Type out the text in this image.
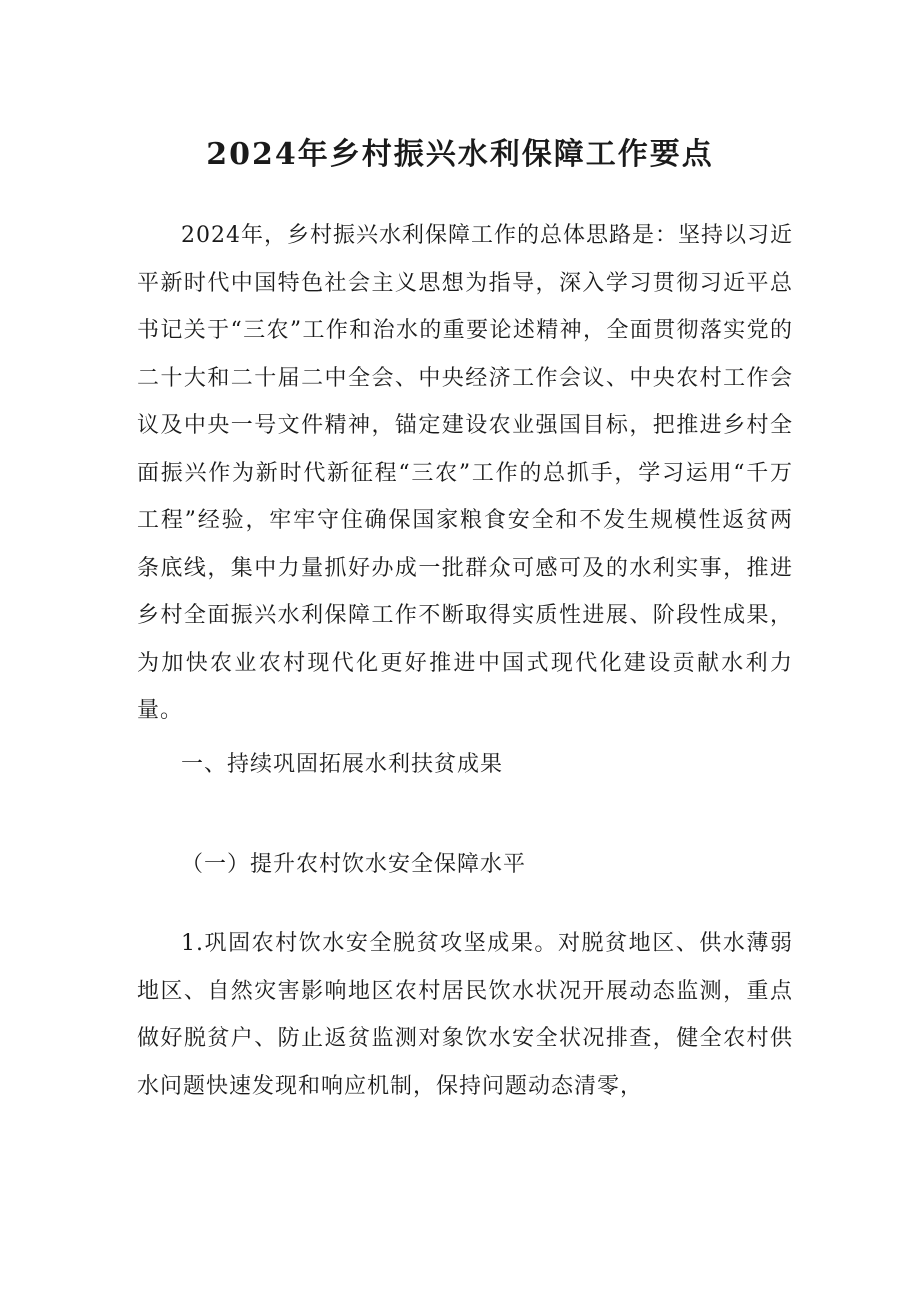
2024年乡村振兴水利保障工作要点

2024年，乡村振兴水利保障工作的总体思路是：坚持以习近平新时代中国特色社会主义思想为指导，深入学习贯彻习近平总书记关于“三农”工作和治水的重要论述精神，全面贯彻落实党的二十大和二十届二中全会、中央经济工作会议、中央农村工作会议及中央一号文件精神，锚定建设农业强国目标，把推进乡村全面振兴作为新时代新征程“三农”工作的总抓手，学习运用“千万工程”经验，牢牢守住确保国家粮食安全和不发生规模性返贫两条底线，集中力量抓好办成一批群众可感可及的水利实事，推进乡村全面振兴水利保障工作不断取得实质性进展、阶段性成果，为加快农业农村现代化更好推进中国式现代化建设贡献水利力量。

一、持续巩固拓展水利扶贫成果
（一）提升农村饮水安全保障水平

1.巩固农村饮水安全脱贫攻坚成果。对脱贫地区、供水薄弱地区、自然灾害影响地区农村居民饮水状况开展动态监测，重点做好脱贫户、防止返贫监测对象饮水安全状况排查，健全农村供水问题快速发现和响应机制，保持问题动态清零，
